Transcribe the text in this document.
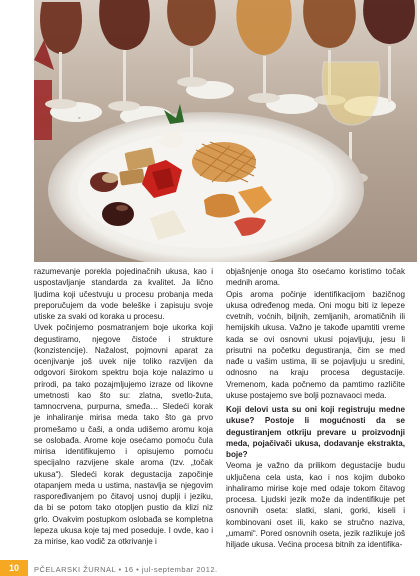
◦

razumevanje porekla pojedinačnih ukusa, kao i uspostavljanje standarda za kvalitet. Ja lično ljudima koji učestvuju u procesu probanja meda preporučujem da vode beleške i zapisuju svoje utiske za svaki od koraka u procesu.

Uvek počinjemo posmatranjem boje ukorka koji degustiramo, njegove čistoće i strukture (konzistencije). Nažalost, pojmovni aparat za ocenjivanje još uvek nije toliko razvijen da odgovori širokom spektru boja koje nalazimo u prirodi, pa tako pozajmljujemo izraze od likovne umetnosti kao što su: zlatna, svetlo-žuta, tamnocrvena, purpurna, smeđa… Sledeći korak je inhaliranje mirisa meda tako što ga prvo promešamo u čaši, a onda udišemo aromu koja se oslobađa. Arome koje osećamo pomoću čula mirisa identifikujemo i opisujemo pomoću specijalno razvijene skale aroma (tzv. „točak ukusa“). Sledeći korak degustacija započinje otapanjem meda u ustima, nastavlja se njegovim raspoređivanjem po čitavoj usnoj duplji i jeziku, da bi se potom tako otopljen pustio da klizi niz grlo. Ovakvim postupkom oslobađa se kompletna lepeza ukusa koje taj med poseduje. I ovde, kao i za mirise, kao vodič za otkrivanje i

objašnjenje onoga što osećamo koristimo točak mednih aroma.

Opis aroma počinje identifikacijom bazičnog ukusa određenog meda. Oni mogu biti iz lepeze cvetnih, voćnih, biljnih, zemljanih, aromatičnih ili hemijskih ukusa. Važno je takođe upamtiti vreme kada se ovi osnovni ukusi pojavljuju, jesu li prisutni na početku degustiranja, čim se med nađe u vašim ustima, ili se pojavljuju u sredini, odnosno na kraju procesa degustacije. Vremenom, kada počnemo da pamtimo različite ukuse postajemo sve bolji poznavaoci meda.

Koji delovi usta su oni koji registruju medne ukuse? Postoje li mogućnosti da se degustiranjem otkriju prevare u proizvodnji meda, pojačivači ukusa, dodavanje ekstrakta, boje?

Veoma je važno da prilikom degustacije budu uključena cela usta, kao i nos kojim duboko inhaliramo mirise koje med odaje tokom čitavog procesa. Ljudski jezik može da indentifikuje pet osnovnih oseta: slatki, slani, gorki, kiseli i kombinovani oset ili, kako se stručno naziva, „umami“. Pored osnovnih oseta, jezik razlikuje još hiljade ukusa. Većina procesa bitnih za identifika-

10	PČELARSKI ŽURNAL • 16 • jul-septembar 2012.
